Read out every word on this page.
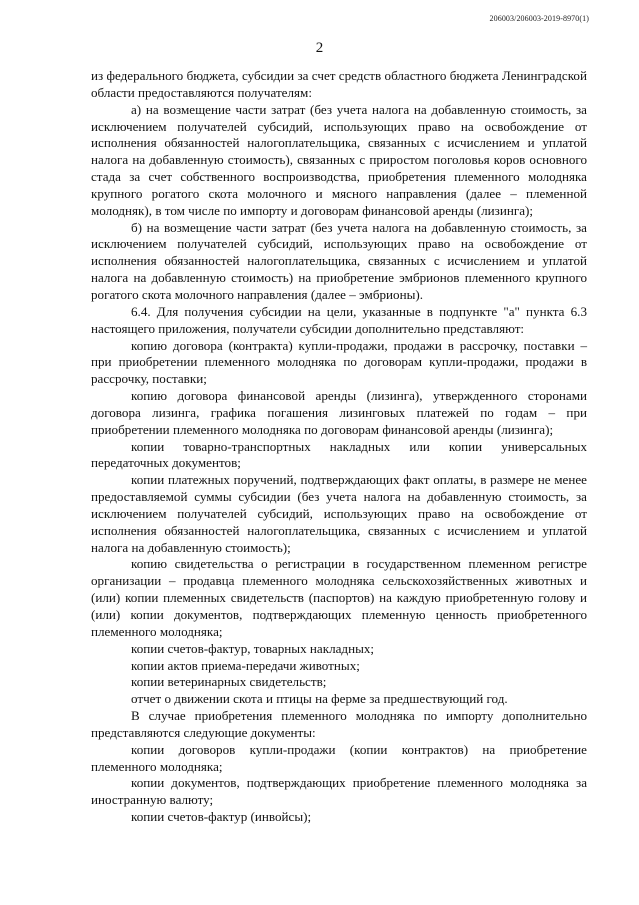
206003/206003-2019-8970(1)
2

из федерального бюджета, субсидии за счет средств областного бюджета Ленинградской области предоставляются получателям:

а) на возмещение части затрат (без учета налога на добавленную стоимость, за исключением получателей субсидий, использующих право на освобождение от исполнения обязанностей налогоплательщика, связанных с исчислением и уплатой налога на добавленную стоимость), связанных с приростом поголовья коров основного стада за счет собственного воспроизводства, приобретения племенного молодняка крупного рогатого скота молочного и мясного направления (далее – племенной молодняк), в том числе по импорту и договорам финансовой аренды (лизинга);

б) на возмещение части затрат (без учета налога на добавленную стоимость, за исключением получателей субсидий, использующих право на освобождение от исполнения обязанностей налогоплательщика, связанных с исчислением и уплатой налога на добавленную стоимость) на приобретение эмбрионов племенного крупного рогатого скота молочного направления (далее – эмбрионы).

6.4. Для получения субсидии на цели, указанные в подпункте "а" пункта 6.3 настоящего приложения, получатели субсидии дополнительно представляют:

копию договора (контракта) купли-продажи, продажи в рассрочку, поставки – при приобретении племенного молодняка по договорам купли-продажи, продажи в рассрочку, поставки;

копию договора финансовой аренды (лизинга), утвержденного сторонами договора лизинга, графика погашения лизинговых платежей по годам – при приобретении племенного молодняка по договорам финансовой аренды (лизинга);

копии товарно-транспортных накладных или копии универсальных передаточных документов;

копии платежных поручений, подтверждающих факт оплаты, в размере не менее предоставляемой суммы субсидии (без учета налога на добавленную стоимость, за исключением получателей субсидий, использующих право на освобождение от исполнения обязанностей налогоплательщика, связанных с исчислением и уплатой налога на добавленную стоимость);

копию свидетельства о регистрации в государственном племенном регистре организации – продавца племенного молодняка сельскохозяйственных животных и (или) копии племенных свидетельств (паспортов) на каждую приобретенную голову и (или) копии документов, подтверждающих племенную ценность приобретенного племенного молодняка;

копии счетов-фактур, товарных накладных;

копии актов приема-передачи животных;

копии ветеринарных свидетельств;

отчет о движении скота и птицы на ферме за предшествующий год.

В случае приобретения племенного молодняка по импорту дополнительно представляются следующие документы:

копии договоров купли-продажи (копии контрактов) на приобретение племенного молодняка;

копии документов, подтверждающих приобретение племенного молодняка за иностранную валюту;

копии счетов-фактур (инвойсы);
